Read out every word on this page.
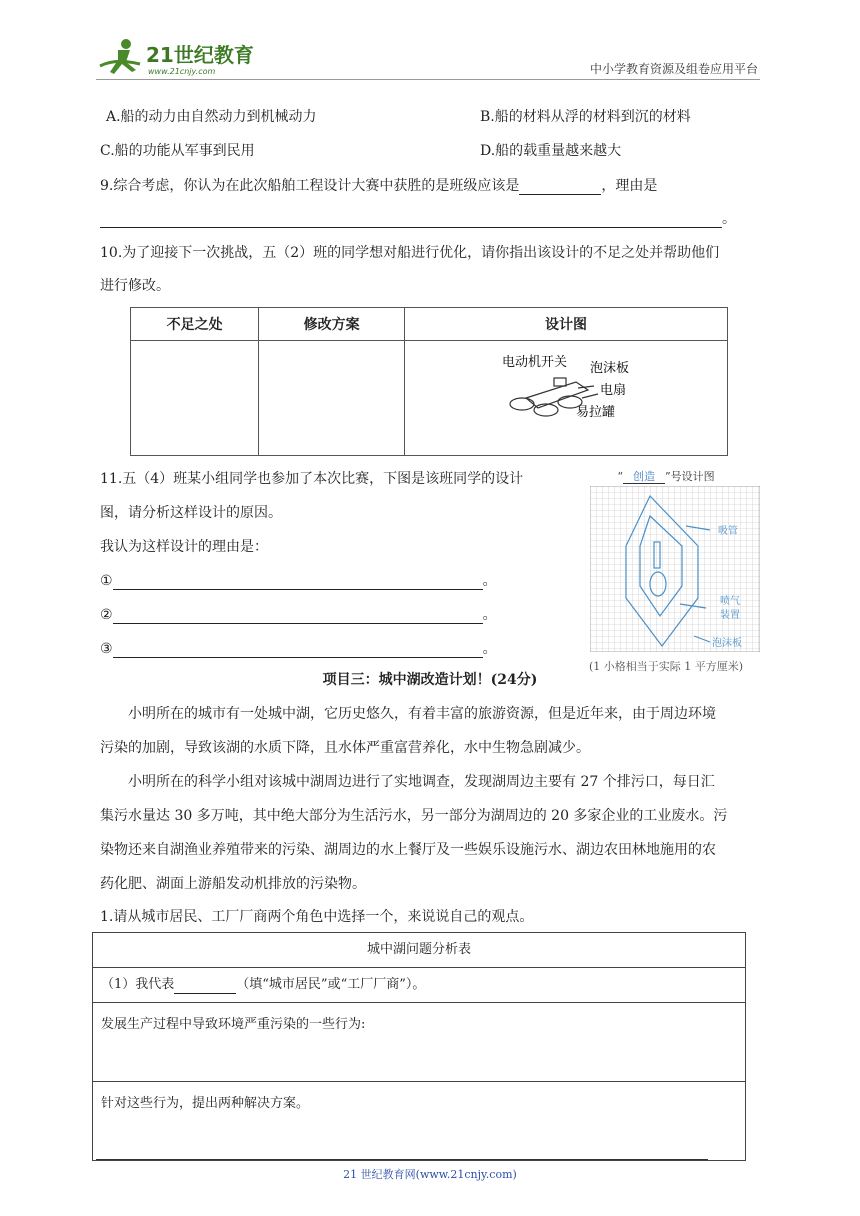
21世纪教育
www.21cnjy.com	中小学教育资源及组卷应用平台
A.船的动力由自然动力到机械动力	B.船的材料从浮的材料到沉的材料
C.船的功能从军事到民用	D.船的载重量越来越大
9.综合考虑，你认为在此次船舶工程设计大赛中获胜的是班级应该是	，理由是
。
10.为了迎接下一次挑战，五（2）班的同学想对船进行优化，请你指出该设计的不足之处并帮助他们
进行修改。
不足之处	修改方案	设计图

电动机开关 泡沫板
电扇
易拉罐
11.五（4）班某小组同学也参加了本次比赛，下图是该班同学的设计
图，请分析这样设计的原因。
我认为这样设计的理由是：
①	。
②	。
③	。
“ 创造 ”号设计图
吸管
喷气
装置
泡沫板
(1 小格相当于实际 1 平方厘米)
项目三：城中湖改造计划！(24分)
小明所在的城市有一处城中湖，它历史悠久，有着丰富的旅游资源，但是近年来，由于周边环境
污染的加剧，导致该湖的水质下降，且水体严重富营养化，水中生物急剧减少。
小明所在的科学小组对该城中湖周边进行了实地调查，发现湖周边主要有 27 个排污口，每日汇
集污水量达 30 多万吨，其中绝大部分为生活污水，另一部分为湖周边的 20 多家企业的工业废水。污
染物还来自湖渔业养殖带来的污染、湖周边的水上餐厅及一些娱乐设施污水、湖边农田林地施用的农
药化肥、湖面上游船发动机排放的污染物。
1.请从城市居民、工厂厂商两个角色中选择一个，来说说自己的观点。
城中湖问题分析表
（1）我代表	（填“城市居民”或“工厂厂商”）。
发展生产过程中导致环境严重污染的一些行为:
针对这些行为，提出两种解决方案。
21 世纪教育网(www.21cnjy.com)
